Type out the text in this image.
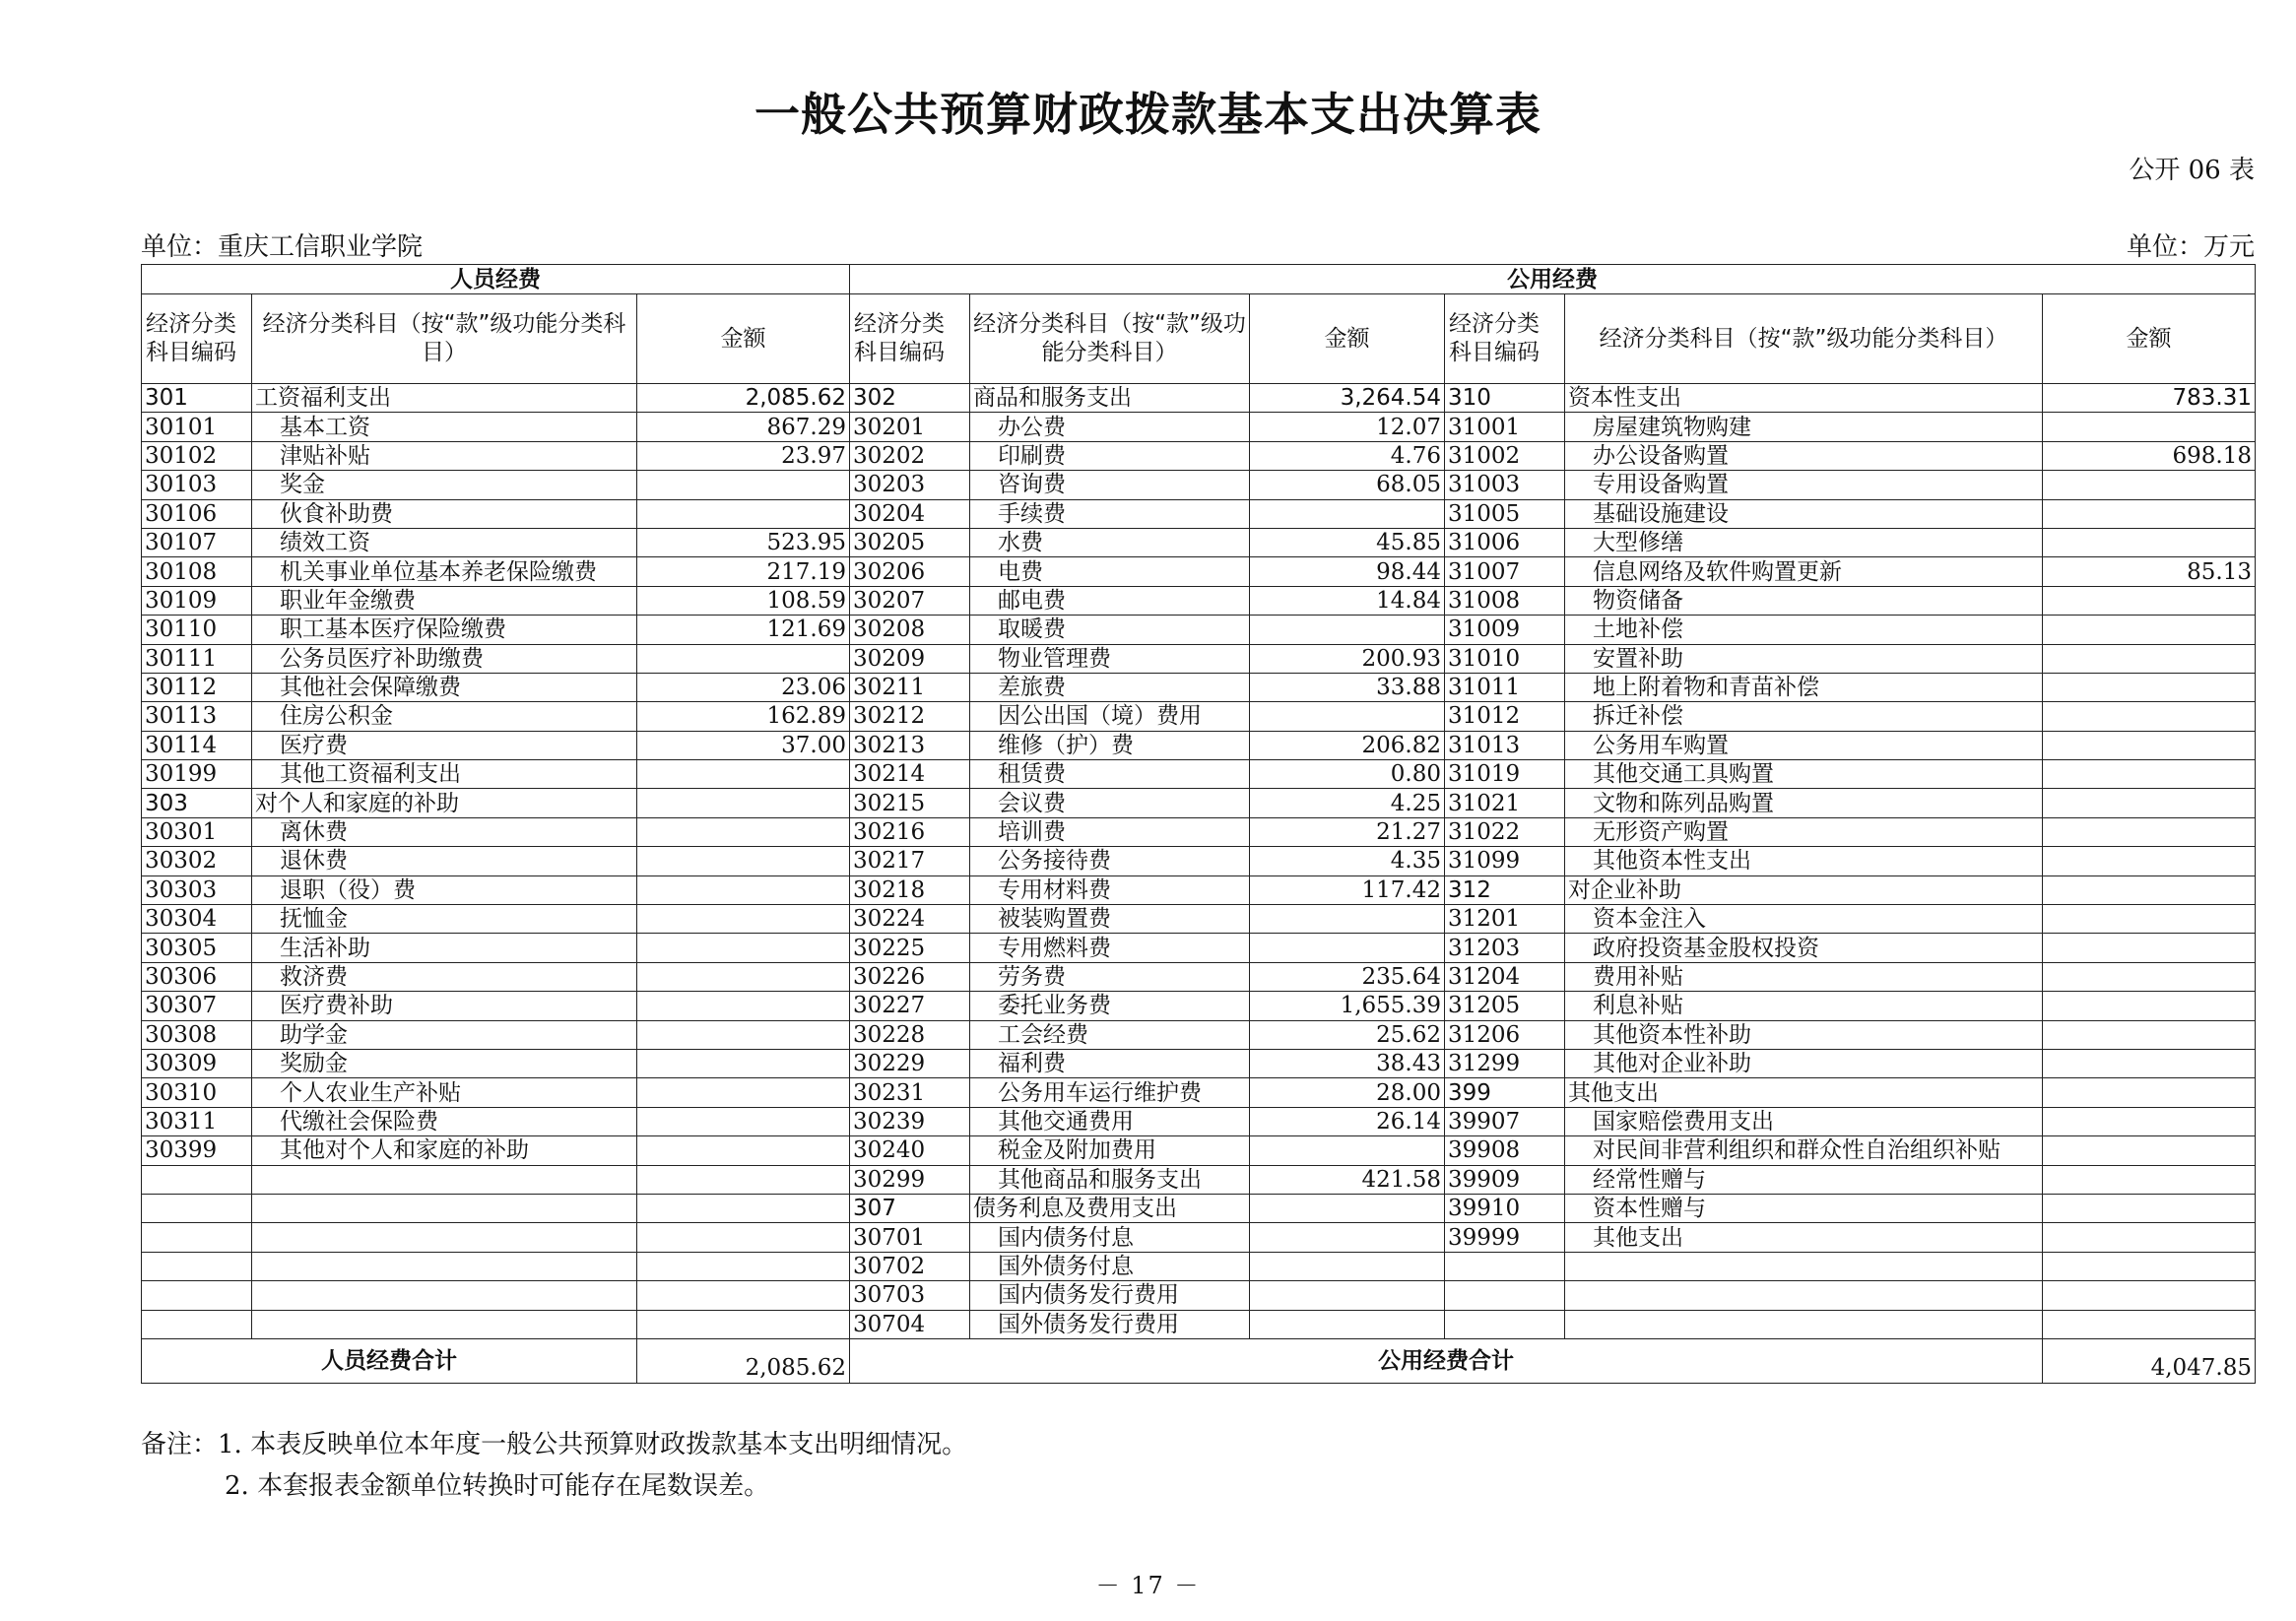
一般公共预算财政拨款基本支出决算表
公开 06 表
单位：重庆工信职业学院	单位：万元
人员经费			公用经费					
经济分类科目编码	经济分类科目（按“款”级功能分类科目）	金额	经济分类科目编码	经济分类科目（按“款”级功能分类科目）	金额	经济分类科目编码	经济分类科目（按“款”级功能分类科目）	金额
301	工资福利支出	2,085.62	302	商品和服务支出	3,264.54	310	资本性支出	783.31
30101	基本工资	867.29	30201	办公费	12.07	31001	房屋建筑物购建	
30102	津贴补贴	23.97	30202	印刷费	4.76	31002	办公设备购置	698.18
30103	奖金		30203	咨询费	68.05	31003	专用设备购置	
30106	伙食补助费		30204	手续费		31005	基础设施建设	
30107	绩效工资	523.95	30205	水费	45.85	31006	大型修缮	
30108	机关事业单位基本养老保险缴费	217.19	30206	电费	98.44	31007	信息网络及软件购置更新	85.13
30109	职业年金缴费	108.59	30207	邮电费	14.84	31008	物资储备	
30110	职工基本医疗保险缴费	121.69	30208	取暖费		31009	土地补偿	
30111	公务员医疗补助缴费		30209	物业管理费	200.93	31010	安置补助	
30112	其他社会保障缴费	23.06	30211	差旅费	33.88	31011	地上附着物和青苗补偿	
30113	住房公积金	162.89	30212	因公出国（境）费用		31012	拆迁补偿	
30114	医疗费	37.00	30213	维修（护）费	206.82	31013	公务用车购置	
30199	其他工资福利支出		30214	租赁费	0.80	31019	其他交通工具购置	
303	对个人和家庭的补助		30215	会议费	4.25	31021	文物和陈列品购置	
30301	离休费		30216	培训费	21.27	31022	无形资产购置	
30302	退休费		30217	公务接待费	4.35	31099	其他资本性支出	
30303	退职（役）费		30218	专用材料费	117.42	312	对企业补助	
30304	抚恤金		30224	被装购置费		31201	资本金注入	
30305	生活补助		30225	专用燃料费		31203	政府投资基金股权投资	
30306	救济费		30226	劳务费	235.64	31204	费用补贴	
30307	医疗费补助		30227	委托业务费	1,655.39	31205	利息补贴	
30308	助学金		30228	工会经费	25.62	31206	其他资本性补助	
30309	奖励金		30229	福利费	38.43	31299	其他对企业补助	
30310	个人农业生产补贴		30231	公务用车运行维护费	28.00	399	其他支出	
30311	代缴社会保险费		30239	其他交通费用	26.14	39907	国家赔偿费用支出	
30399	其他对个人和家庭的补助		30240	税金及附加费用		39908	对民间非营利组织和群众性自治组织补贴	
			30299	其他商品和服务支出	421.58	39909	经常性赠与	
			307	债务利息及费用支出		39910	资本性赠与	
			30701	国内债务付息		39999	其他支出	
			30702	国外债务付息				
			30703	国内债务发行费用				
			30704	国外债务发行费用				
人员经费合计		2,085.62	公用经费合计					4,047.85
备注：1. 本表反映单位本年度一般公共预算财政拨款基本支出明细情况。
2. 本套报表金额单位转换时可能存在尾数误差。
－ 17 －
